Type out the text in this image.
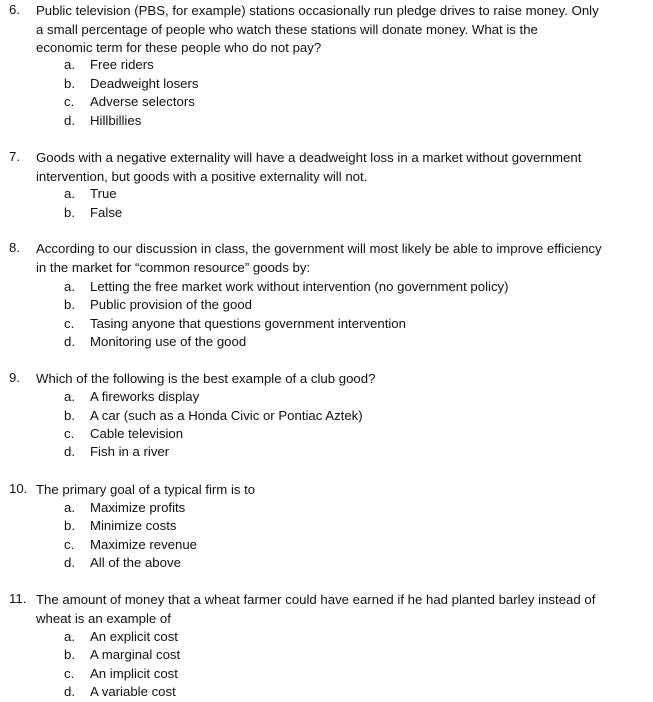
6. Public television (PBS, for example) stations occasionally run pledge drives to raise money. Only
a small percentage of people who watch these stations will donate money. What is the
economic term for these people who do not pay?

a. Free riders
b. Deadweight losers
c. Adverse selectors
d. Hillbillies
7. Goods with a negative externality will have a deadweight loss in a market without government
intervention, but goods with a positive externality will not.

a. True
b. False
8. According to our discussion in class, the government will most likely be able to improve efficiency
in the market for “common resource” goods by:

a. Letting the free market work without intervention (no government policy)
b. Public provision of the good
c. Tasing anyone that questions government intervention
d. Monitoring use of the good
9. Which of the following is the best example of a club good?

a. A fireworks display
b. A car (such as a Honda Civic or Pontiac Aztek)
c. Cable television
d. Fish in a river
10. The primary goal of a typical firm is to

a. Maximize profits
b. Minimize costs
c. Maximize revenue
d. All of the above
11. The amount of money that a wheat farmer could have earned if he had planted barley instead of
wheat is an example of

a. An explicit cost
b. A marginal cost
c. An implicit cost
d. A variable cost
